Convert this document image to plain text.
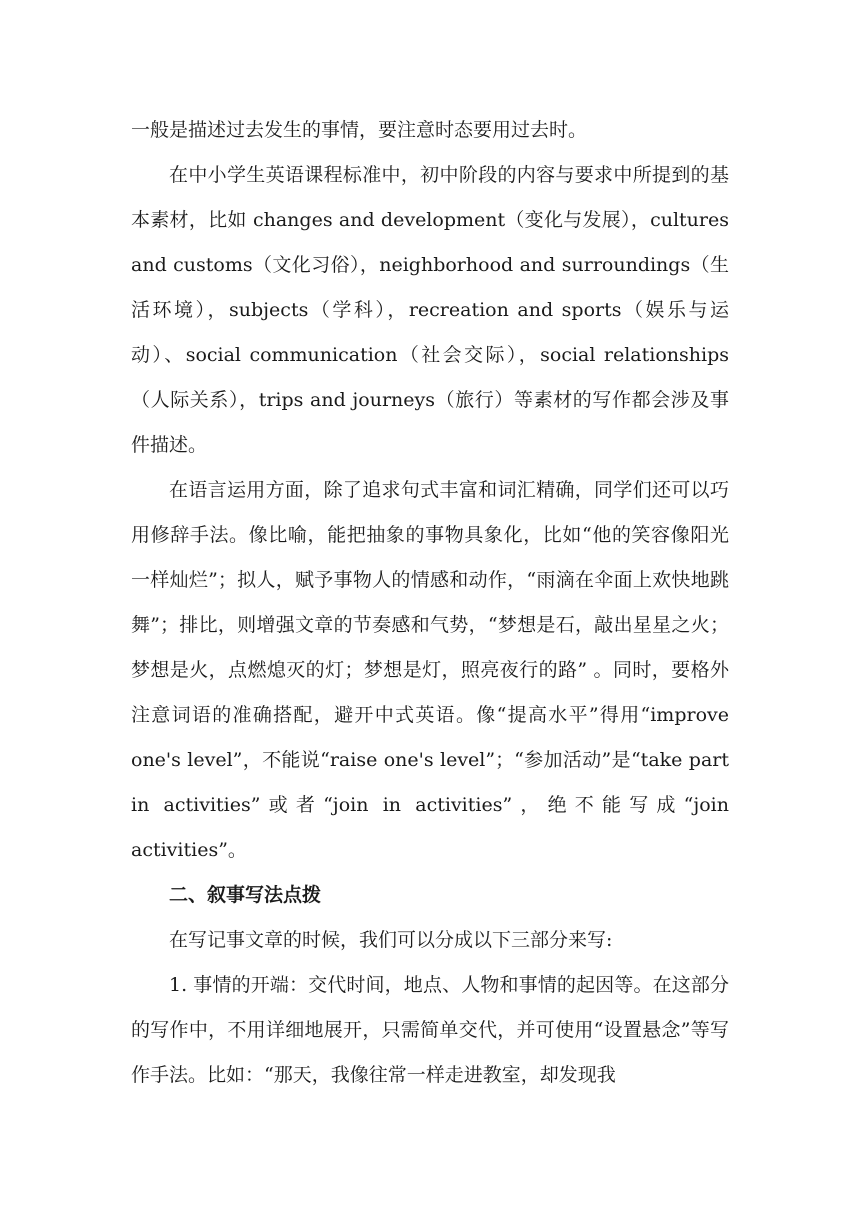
一般是描述过去发生的事情，要注意时态要用过去时。

在中小学生英语课程标准中，初中阶段的内容与要求中所提到的基本素材，比如 changes and development（变化与发展），cultures and customs（文化习俗），neighborhood and surroundings（生活环境），subjects（学科），recreation and sports（娱乐与运动）、social communication（社会交际），social relationships（人际关系），trips and journeys（旅行）等素材的写作都会涉及事件描述。

在语言运用方面，除了追求句式丰富和词汇精确，同学们还可以巧用修辞手法。像比喻，能把抽象的事物具象化，比如“他的笑容像阳光一样灿烂”；拟人，赋予事物人的情感和动作，“雨滴在伞面上欢快地跳舞”；排比，则增强文章的节奏感和气势，“梦想是石，敲出星星之火；梦想是火，点燃熄灭的灯；梦想是灯，照亮夜行的路” 。同时，要格外注意词语的准确搭配，避开中式英语。像“提高水平”得用“improve one's level”，不能说“raise one's level”；“参加活动”是“take part in activities”或者“join in activities”，绝不能写成“join activities”。

二、叙事写法点拨

在写记事文章的时候，我们可以分成以下三部分来写:

1. 事情的开端：交代时间，地点、人物和事情的起因等。在这部分的写作中，不用详细地展开，只需简单交代，并可使用“设置悬念”等写作手法。比如：“那天，我像往常一样走进教室，却发现我
